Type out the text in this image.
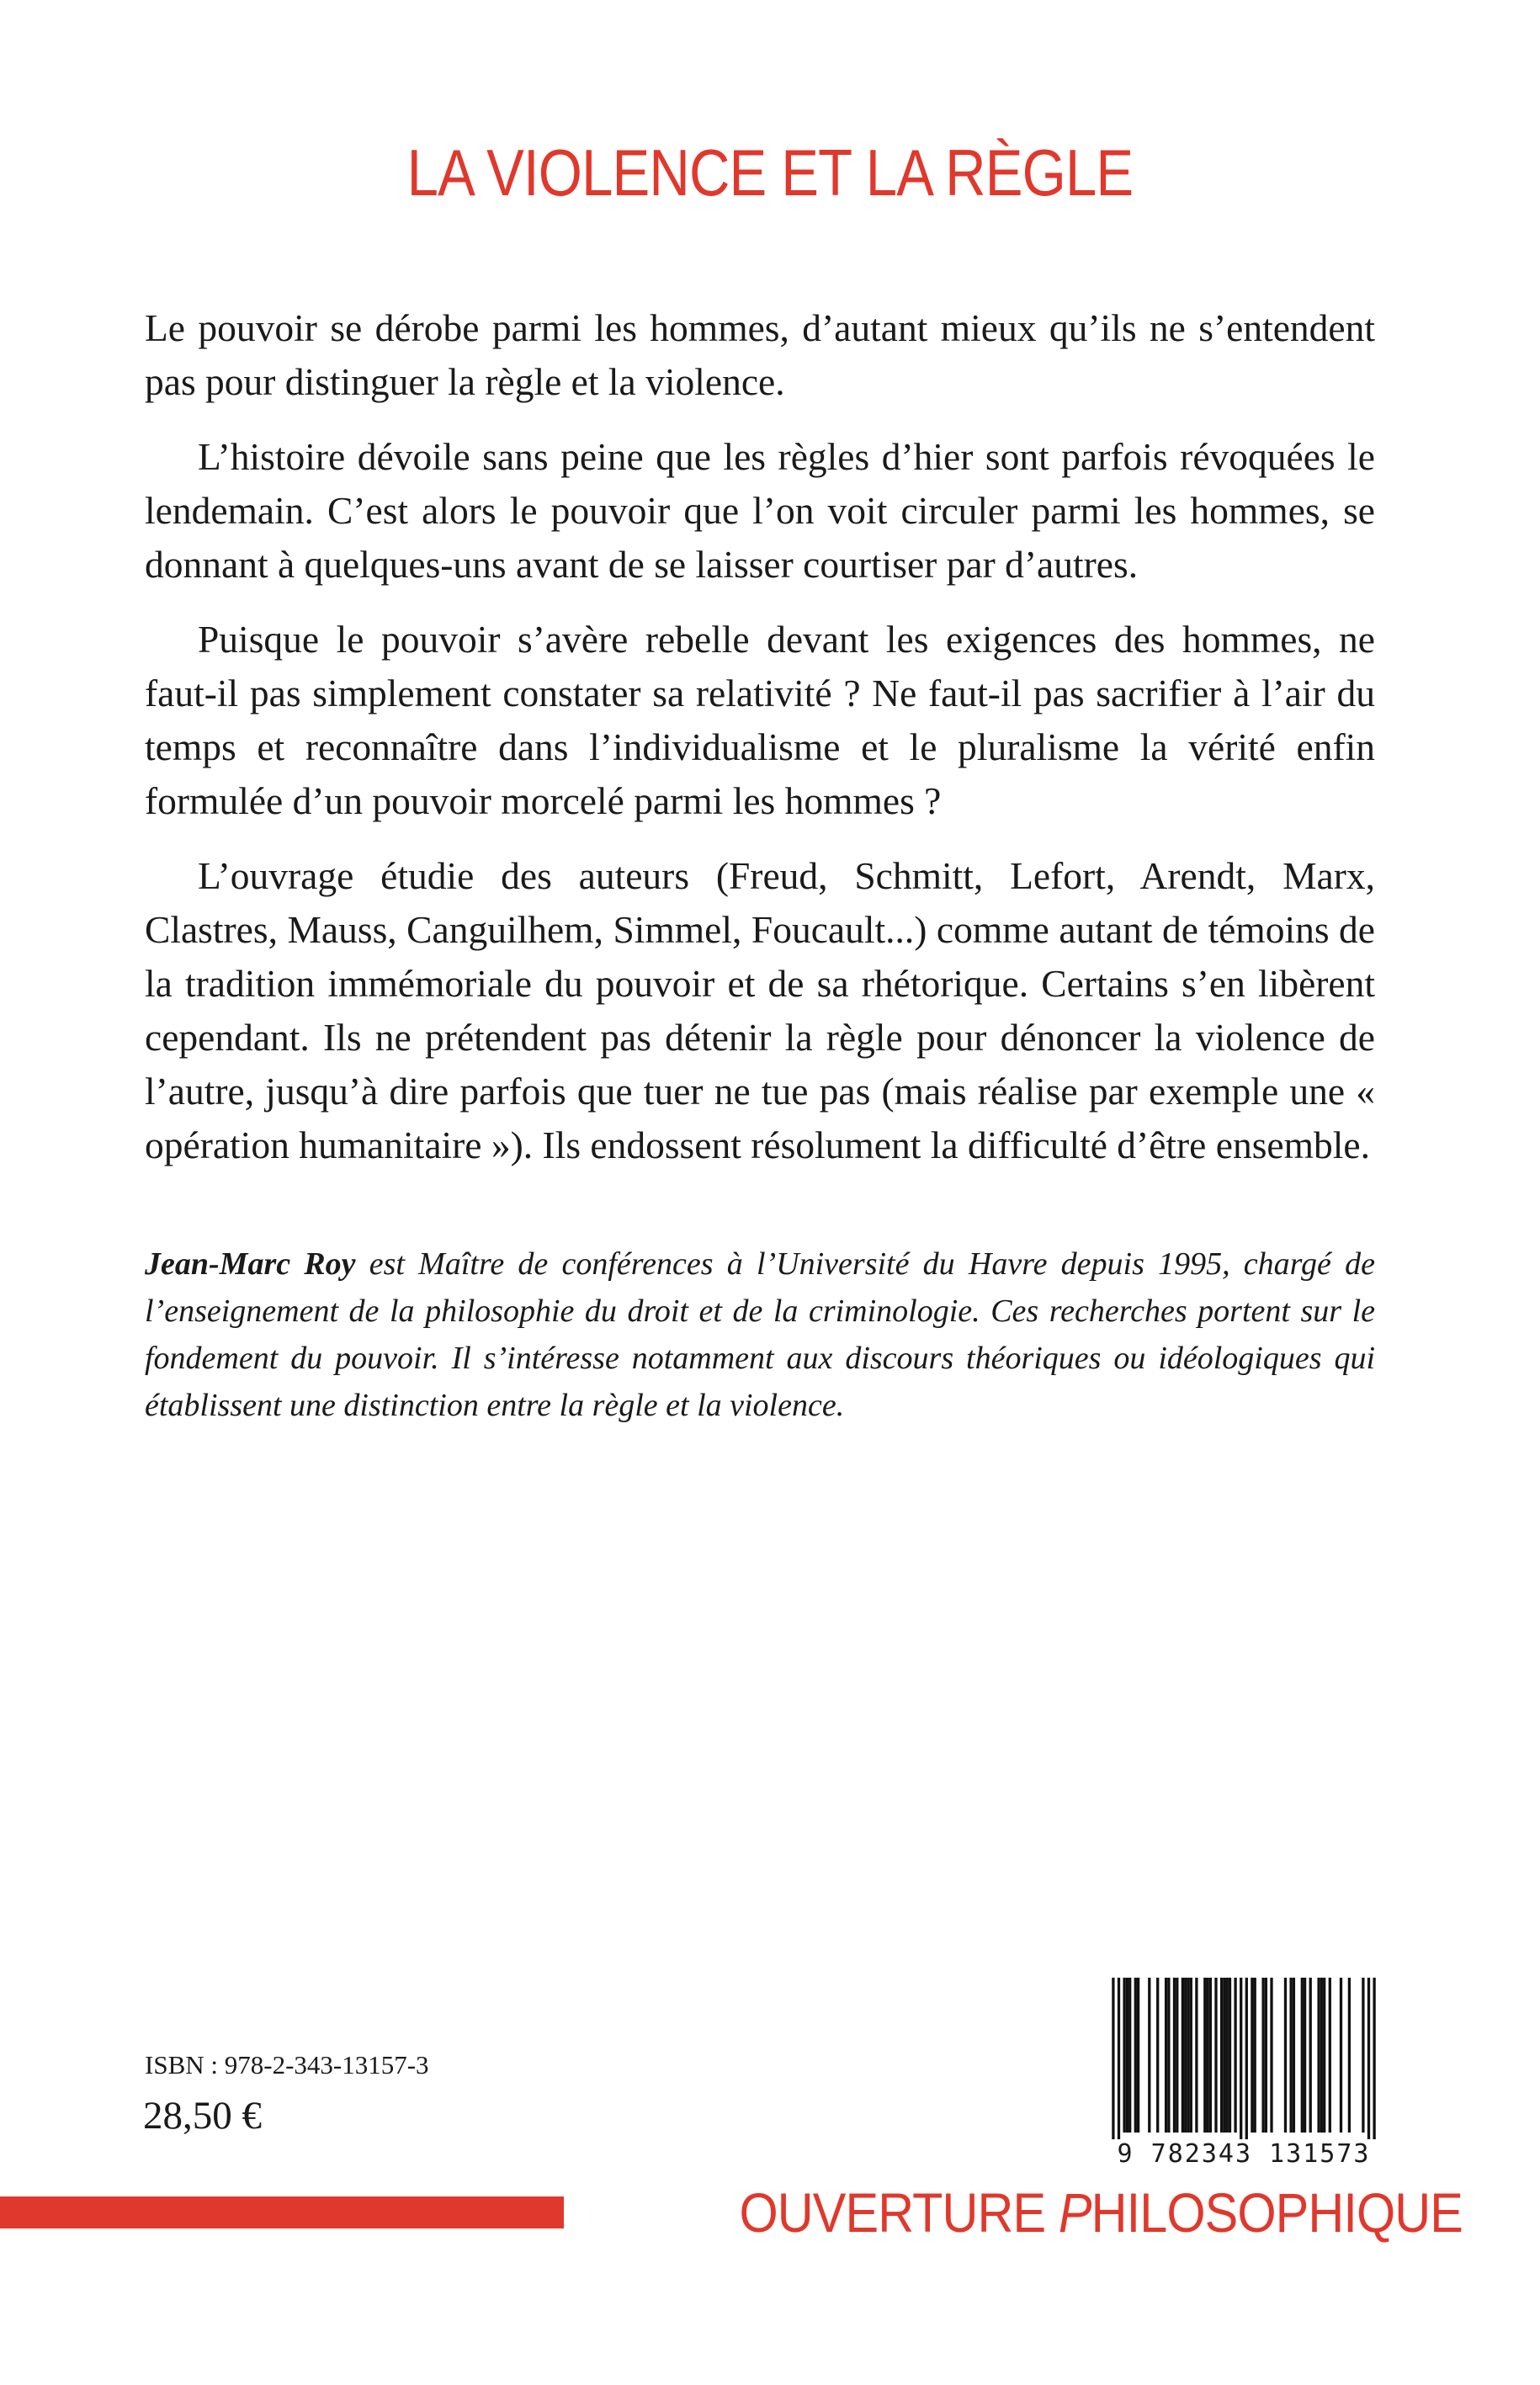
LA VIOLENCE ET LA RÈGLE

Le pouvoir se dérobe parmi les hommes, d’autant mieux qu’ils ne s’entendent pas pour distinguer la règle et la violence.

L’histoire dévoile sans peine que les règles d’hier sont parfois révoquées le lendemain. C’est alors le pouvoir que l’on voit circuler parmi les hommes, se donnant à quelques-uns avant de se laisser courtiser par d’autres.

Puisque le pouvoir s’avère rebelle devant les exigences des hommes, ne faut-il pas simplement constater sa relativité ? Ne faut-il pas sacrifier à l’air du temps et reconnaître dans l’individualisme et le pluralisme la vérité enfin formulée d’un pouvoir morcelé parmi les hommes ?

L’ouvrage étudie des auteurs (Freud, Schmitt, Lefort, Arendt, Marx, Clastres, Mauss, Canguilhem, Simmel, Foucault...) comme autant de témoins de la tradition immémoriale du pouvoir et de sa rhétorique. Certains s’en libèrent cependant. Ils ne prétendent pas détenir la règle pour dénoncer la violence de l’autre, jusqu’à dire parfois que tuer ne tue pas (mais réalise par exemple une « opération humanitaire »). Ils endossent résolument la difficulté d’être ensemble.

Jean-Marc Roy est Maître de conférences à l’Université du Havre depuis 1995, chargé de l’enseignement de la philosophie du droit et de la criminologie. Ces recherches portent sur le fondement du pouvoir. Il s’intéresse notamment aux discours théoriques ou idéologiques qui établissent une distinction entre la règle et la violence.

ISBN : 978-2-343-13157-3
28,50 €
9 782343 131573
OUVERTURE PHILOSOPHIQUE
